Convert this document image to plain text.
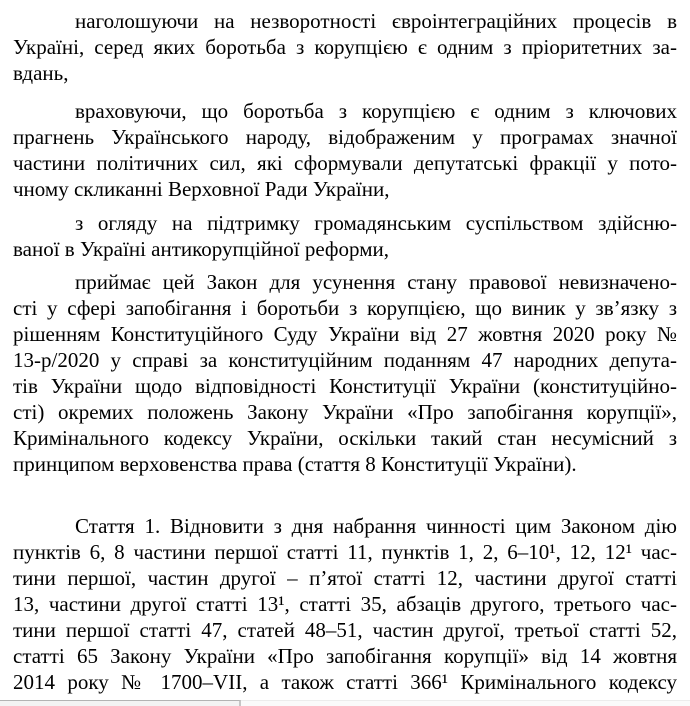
наголошуючи на незворотності євроінтеграційних процесів в
Україні, серед яких боротьба з корупцією є одним з пріоритетних за-
вдань,
враховуючи, що боротьба з корупцією є одним з ключових
прагнень Українського народу, відображеним у програмах значної
частини політичних сил, які сформували депутатські фракції у пото-
чному скликанні Верховної Ради України,
з огляду на підтримку громадянським суспільством здійсню-
ваної в Україні антикорупційної реформи,
приймає цей Закон для усунення стану правової невизначено-
сті у сфері запобігання і боротьби з корупцією, що виник у зв’язку з
рішенням Конституційного Суду України від 27 жовтня 2020 року №
13-р/2020 у справі за конституційним поданням 47 народних депута-
тів України щодо відповідності Конституції України (конституційно-
сті) окремих положень Закону України «Про запобігання корупції»,
Кримінального кодексу України, оскільки такий стан несумісний з
принципом верховенства права (стаття 8 Конституції України).
Стаття 1. Відновити з дня набрання чинності цим Законом дію
пунктів 6, 8 частини першої статті 11, пунктів 1, 2, 6–10¹, 12, 12¹ час-
тини першої, частин другої – п’ятої статті 12, частини другої статті
13, частини другої статті 13¹, статті 35, абзаців другого, третього час-
тини першої статті 47, статей 48–51, частин другої, третьої статті 52,
статті 65 Закону України «Про запобігання корупції» від 14 жовтня
2014 року № 1700–VII, а також статті 366¹ Кримінального кодексу
